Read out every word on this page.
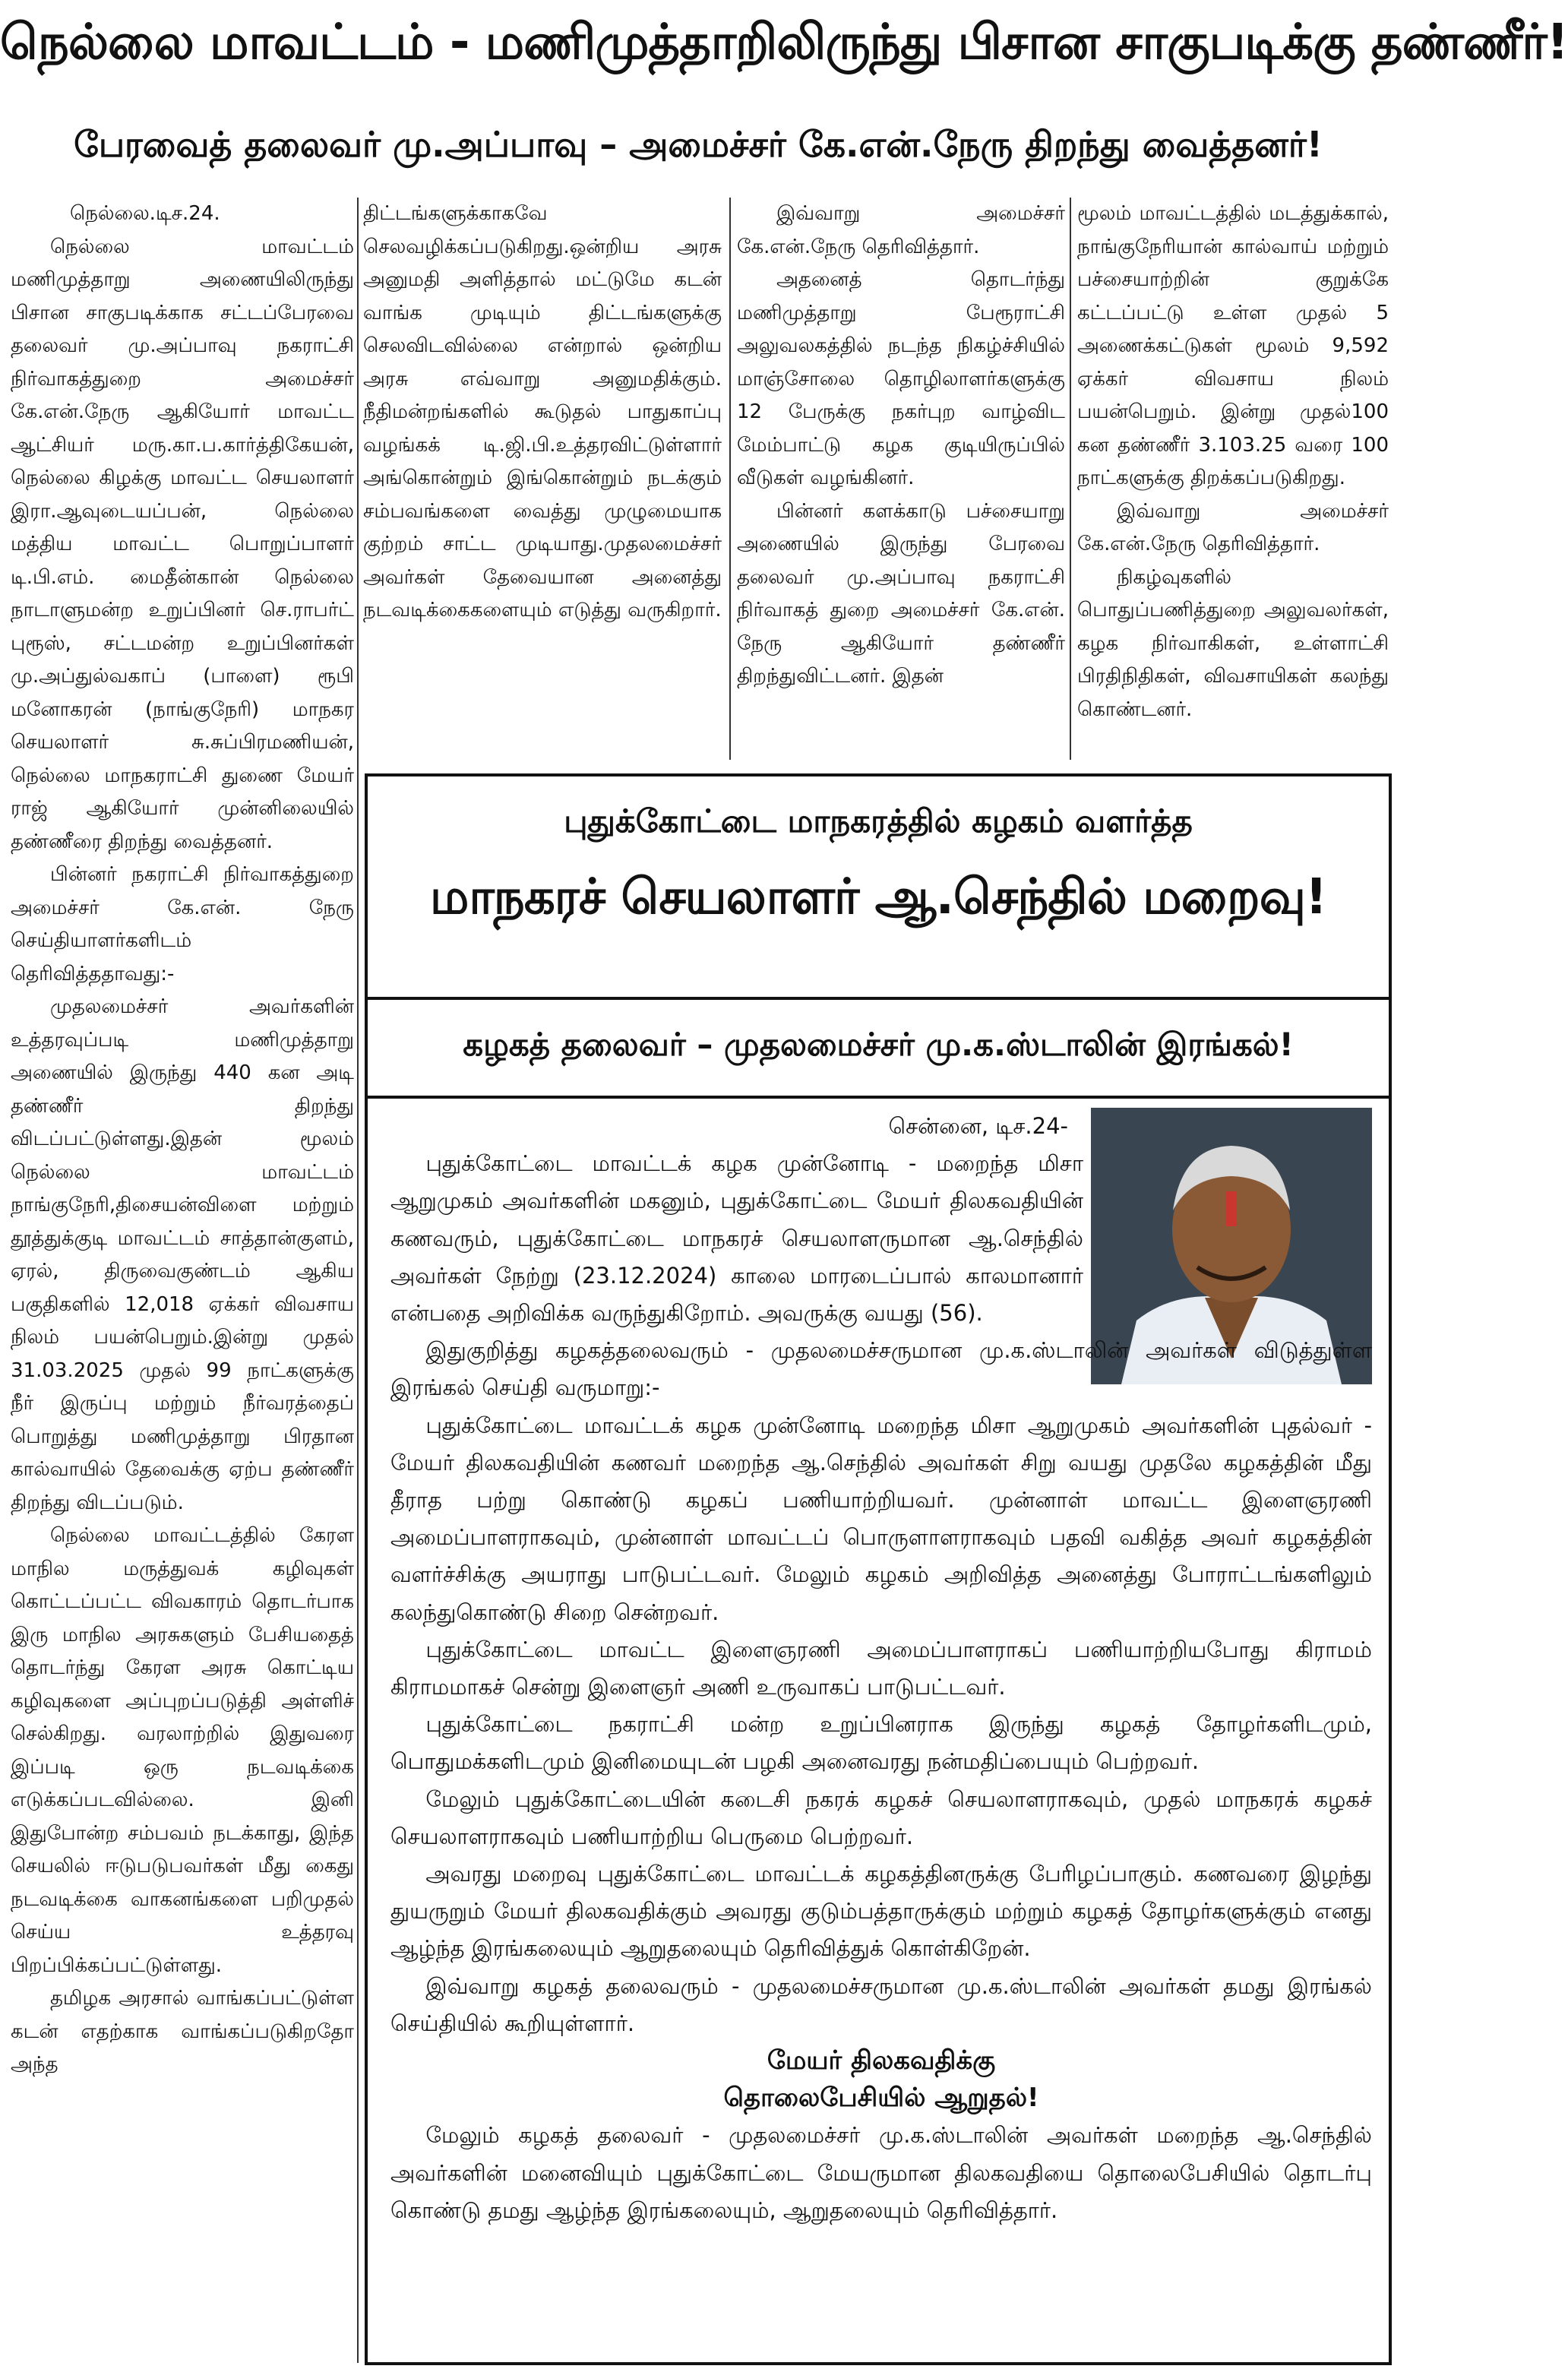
நெல்லை மாவட்டம் - மணிமுத்தாறிலிருந்து பிசான சாகுபடிக்கு தண்ணீர்!
பேரவைத் தலைவர் மு.அப்பாவு – அமைச்சர் கே.என்.நேரு திறந்து வைத்தனர்!

நெல்லை.டிச.24.

நெல்லை மாவட்டம் மணிமுத்தாறு அணையிலிருந்து பிசான சாகுபடிக்காக சட்டப்பேரவை தலைவர் மு.அப்பாவு நகராட்சி நிர்வாகத்துறை அமைச்சர் கே.என்.நேரு ஆகியோர் மாவட்ட ஆட்சியர் மரு.கா.ப.கார்த்திகேயன், நெல்லை கிழக்கு மாவட்ட செயலாளர் இரா.ஆவுடையப்பன், நெல்லை மத்திய மாவட்ட பொறுப்பாளர் டி.பி.எம். மைதீன்கான் நெல்லை நாடாளுமன்ற உறுப்பினர் செ.ராபர்ட் புரூஸ், சட்டமன்ற உறுப்பினர்கள் மு.அப்துல்வகாப் (பாளை) ரூபி மனோகரன் (நாங்குநேரி) மாநகர செயலாளர் சு.சுப்பிரமணியன், நெல்லை மாநகராட்சி துணை மேயர் ராஜ் ஆகியோர் முன்னிலையில் தண்ணீரை திறந்து வைத்தனர்.

பின்னர் நகராட்சி நிர்வாகத்துறை அமைச்சர் கே.என். நேரு செய்தியாளர்களிடம் தெரிவித்ததாவது:-

முதலமைச்சர் அவர்களின் உத்தரவுப்படி மணிமுத்தாறு அணையில் இருந்து 440 கன அடி தண்ணீர் திறந்து விடப்பட்டுள்ளது.இதன் மூலம் நெல்லை மாவட்டம் நாங்குநேரி,திசையன்விளை மற்றும் தூத்துக்குடி மாவட்டம் சாத்தான்குளம், ஏரல், திருவைகுண்டம் ஆகிய பகுதிகளில் 12,018 ஏக்கர் விவசாய நிலம் பயன்பெறும்.இன்று முதல் 31.03.2025 முதல் 99 நாட்களுக்கு நீர் இருப்பு மற்றும் நீர்வரத்தைப் பொறுத்து மணிமுத்தாறு பிரதான கால்வாயில் தேவைக்கு ஏற்ப தண்ணீர் திறந்து விடப்படும்.

நெல்லை மாவட்டத்தில் கேரள மாநில மருத்துவக் கழிவுகள் கொட்டப்பட்ட விவகாரம் தொடர்பாக இரு மாநில அரசுகளும் பேசியதைத் தொடர்ந்து கேரள அரசு கொட்டிய கழிவுகளை அப்புறப்படுத்தி அள்ளிச் செல்கிறது. வரலாற்றில் இதுவரை இப்படி ஒரு நடவடிக்கை எடுக்கப்படவில்லை. இனி இதுபோன்ற சம்பவம் நடக்காது, இந்த செயலில் ஈடுபடுபவர்கள் மீது கைது நடவடிக்கை வாகனங்களை பறிமுதல் செய்ய உத்தரவு பிறப்பிக்கப்பட்டுள்ளது.

தமிழக அரசால் வாங்கப்பட்டுள்ள கடன் எதற்காக வாங்கப்படுகிறதோ அந்த

திட்டங்களுக்காகவே செலவழிக்கப்படுகிறது.ஒன்றிய அரசு அனுமதி அளித்தால் மட்டுமே கடன் வாங்க முடியும் திட்டங்களுக்கு செலவிடவில்லை என்றால் ஒன்றிய அரசு எவ்வாறு அனுமதிக்கும். நீதிமன்றங்களில் கூடுதல் பாதுகாப்பு வழங்கக் டி.ஜி.பி.உத்தரவிட்டுள்ளார் அங்கொன்றும் இங்கொன்றும் நடக்கும் சம்பவங்களை வைத்து முழுமையாக குற்றம் சாட்ட முடியாது.முதலமைச்சர் அவர்கள் தேவையான அனைத்து நடவடிக்கைகளையும் எடுத்து வருகிறார்.

இவ்வாறு அமைச்சர் கே.என்.நேரு தெரிவித்தார்.

அதனைத் தொடர்ந்து மணிமுத்தாறு பேரூராட்சி அலுவலகத்தில் நடந்த நிகழ்ச்சியில் மாஞ்சோலை தொழிலாளர்களுக்கு 12 பேருக்கு நகர்புற வாழ்விட மேம்பாட்டு கழக குடியிருப்பில் வீடுகள் வழங்கினர்.

பின்னர் களக்காடு பச்சையாறு அணையில் இருந்து பேரவை தலைவர் மு.அப்பாவு நகராட்சி நிர்வாகத் துறை அமைச்சர் கே.என். நேரு ஆகியோர் தண்ணீர் திறந்துவிட்டனர். இதன்

மூலம் மாவட்டத்தில் மடத்துக்கால், நாங்குநேரியான் கால்வாய் மற்றும் பச்சையாற்றின் குறுக்கே கட்டப்பட்டு உள்ள முதல் 5 அணைக்கட்டுகள் மூலம் 9,592 ஏக்கர் விவசாய நிலம் பயன்பெறும். இன்று முதல்100 கன தண்ணீர் 3.103.25 வரை 100 நாட்களுக்கு திறக்கப்படுகிறது.

இவ்வாறு அமைச்சர் கே.என்.நேரு தெரிவித்தார்.

நிகழ்வுகளில் பொதுப்பணித்துறை அலுவலர்கள், கழக நிர்வாகிகள், உள்ளாட்சி பிரதிநிதிகள், விவசாயிகள் கலந்து கொண்டனர்.

புதுக்கோட்டை மாநகரத்தில் கழகம் வளர்த்த
மாநகரச் செயலாளர் ஆ.செந்தில் மறைவு!
கழகத் தலைவர் – முதலமைச்சர் மு.க.ஸ்டாலின் இரங்கல்!

சென்னை, டிச.24-

புதுக்கோட்டை மாவட்டக் கழக முன்னோடி - மறைந்த மிசா ஆறுமுகம் அவர்களின் மகனும், புதுக்கோட்டை மேயர் திலகவதியின் கணவரும், புதுக்கோட்டை மாநகரச் செயலாளருமான ஆ.செந்தில் அவர்கள் நேற்று (23.12.2024) காலை மாரடைப்பால் காலமானார் என்பதை அறிவிக்க வருந்துகிறோம். அவருக்கு வயது (56).

இதுகுறித்து கழகத்தலைவரும் - முதலமைச்சருமான மு.க.ஸ்டாலின் அவர்கள் விடுத்துள்ள இரங்கல் செய்தி வருமாறு:-

புதுக்கோட்டை மாவட்டக் கழக முன்னோடி மறைந்த மிசா ஆறுமுகம் அவர்களின் புதல்வர் - மேயர் திலகவதியின் கணவர் மறைந்த ஆ.செந்தில் அவர்கள் சிறு வயது முதலே கழகத்தின் மீது தீராத பற்று கொண்டு கழகப் பணியாற்றியவர். முன்னாள் மாவட்ட இளைஞரணி அமைப்பாளராகவும், முன்னாள் மாவட்டப் பொருளாளராகவும் பதவி வகித்த அவர் கழகத்தின் வளர்ச்சிக்கு அயராது பாடுபட்டவர். மேலும் கழகம் அறிவித்த அனைத்து போராட்டங்களிலும் கலந்துகொண்டு சிறை சென்றவர்.

புதுக்கோட்டை மாவட்ட இளைஞரணி அமைப்பாளராகப் பணியாற்றியபோது கிராமம் கிராமமாகச் சென்று இளைஞர் அணி உருவாகப் பாடுபட்டவர்.

புதுக்கோட்டை நகராட்சி மன்ற உறுப்பினராக இருந்து கழகத் தோழர்களிடமும், பொதுமக்களிடமும் இனிமையுடன் பழகி அனைவரது நன்மதிப்பையும் பெற்றவர்.

மேலும் புதுக்கோட்டையின் கடைசி நகரக் கழகச் செயலாளராகவும், முதல் மாநகரக் கழகச் செயலாளராகவும் பணியாற்றிய பெருமை பெற்றவர்.

அவரது மறைவு புதுக்கோட்டை மாவட்டக் கழகத்தினருக்கு பேரிழப்பாகும். கணவரை இழந்து துயருறும் மேயர் திலகவதிக்கும் அவரது குடும்பத்தாருக்கும் மற்றும் கழகத் தோழர்களுக்கும் எனது ஆழ்ந்த இரங்கலையும் ஆறுதலையும் தெரிவித்துக் கொள்கிறேன்.

இவ்வாறு கழகத் தலைவரும் - முதலமைச்சருமான மு.க.ஸ்டாலின் அவர்கள் தமது இரங்கல் செய்தியில் கூறியுள்ளார்.

மேயர் திலகவதிக்கு

தொலைபேசியில் ஆறுதல்!

மேலும் கழகத் தலைவர் - முதலமைச்சர் மு.க.ஸ்டாலின் அவர்கள் மறைந்த ஆ.செந்தில் அவர்களின் மனைவியும் புதுக்கோட்டை மேயருமான திலகவதியை தொலைபேசியில் தொடர்பு கொண்டு தமது ஆழ்ந்த இரங்கலையும், ஆறுதலையும் தெரிவித்தார்.
